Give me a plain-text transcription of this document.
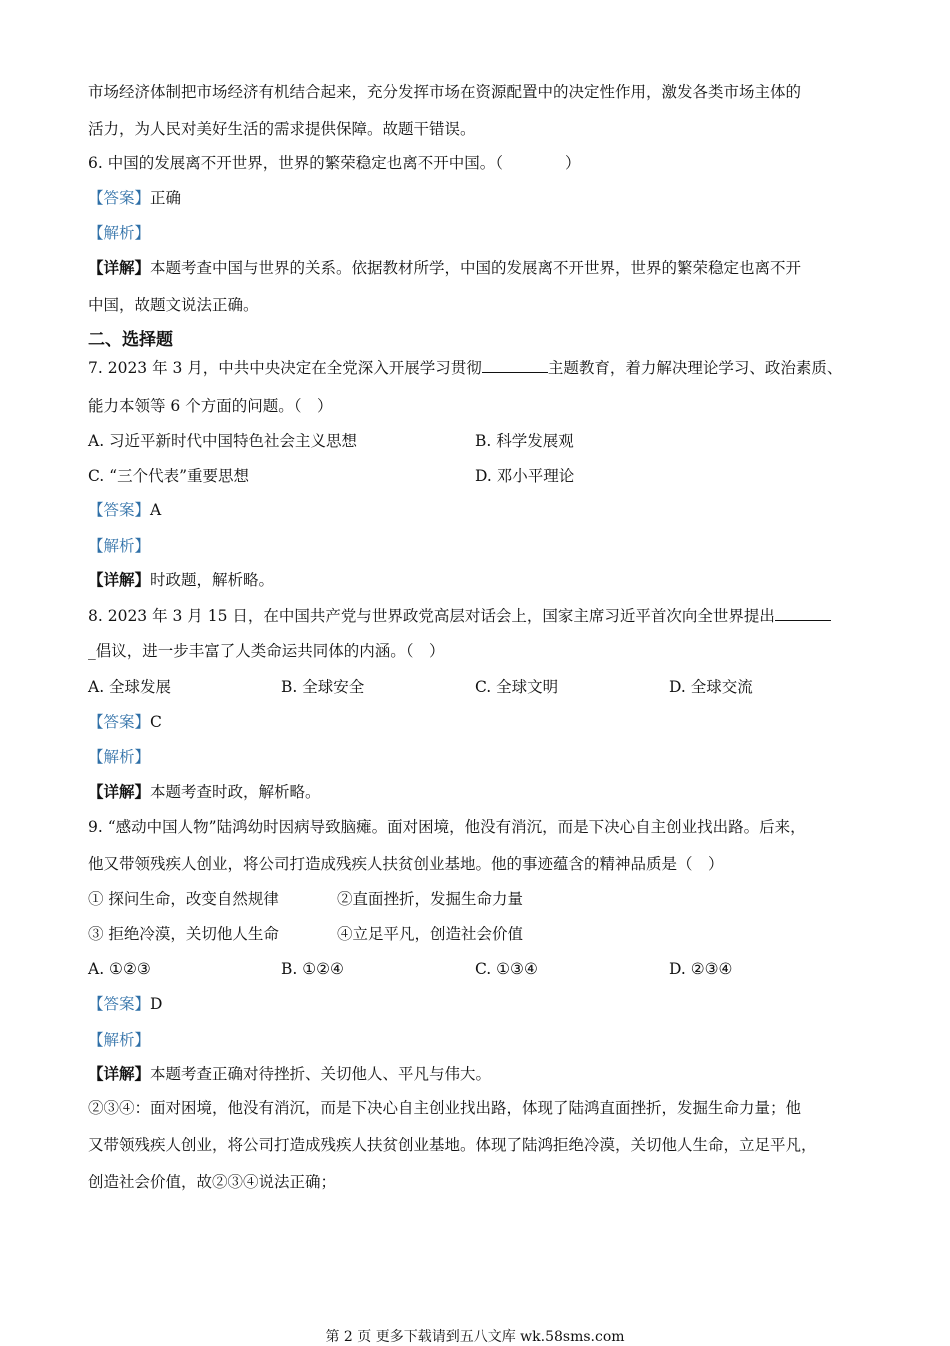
市场经济体制把市场经济有机结合起来，充分发挥市场在资源配置中的决定性作用，激发各类市场主体的
活力，为人民对美好生活的需求提供保障。故题干错误。
6. 中国的发展离不开世界，世界的繁荣稳定也离不开中国。（　　　　）
【答案】正确
【解析】
【详解】本题考查中国与世界的关系。依据教材所学，中国的发展离不开世界，世界的繁荣稳定也离不开
中国，故题文说法正确。
二、选择题
7. 2023 年 3 月，中共中央决定在全党深入开展学习贯彻	主题教育，着力解决理论学习、政治素质、
能力本领等 6 个方面的问题。（　）
A. 习近平新时代中国特色社会主义思想	B. 科学发展观
C. “三个代表”重要思想	D. 邓小平理论
【答案】A
【解析】
【详解】时政题，解析略。
8. 2023 年 3 月 15 日，在中国共产党与世界政党高层对话会上，国家主席习近平首次向全世界提出
_倡议，进一步丰富了人类命运共同体的内涵。（　）
A. 全球发展	B. 全球安全	C. 全球文明	D. 全球交流
【答案】C
【解析】
【详解】本题考查时政，解析略。
9. “感动中国人物”陆鸿幼时因病导致脑瘫。面对困境，他没有消沉，而是下决心自主创业找出路。后来，
他又带领残疾人创业，将公司打造成残疾人扶贫创业基地。他的事迹蕴含的精神品质是（　）
① 探问生命，改变自然规律	②直面挫折，发掘生命力量
③ 拒绝冷漠，关切他人生命	④立足平凡，创造社会价值
A. ①②③	B. ①②④	C. ①③④	D. ②③④
【答案】D
【解析】
【详解】本题考查正确对待挫折、关切他人、平凡与伟大。
②③④：面对困境，他没有消沉，而是下决心自主创业找出路，体现了陆鸿直面挫折，发掘生命力量；他
又带领残疾人创业，将公司打造成残疾人扶贫创业基地。体现了陆鸿拒绝冷漠，关切他人生命，立足平凡，
创造社会价值，故②③④说法正确；
第 2 页 更多下载请到五八文库 wk.58sms.com
